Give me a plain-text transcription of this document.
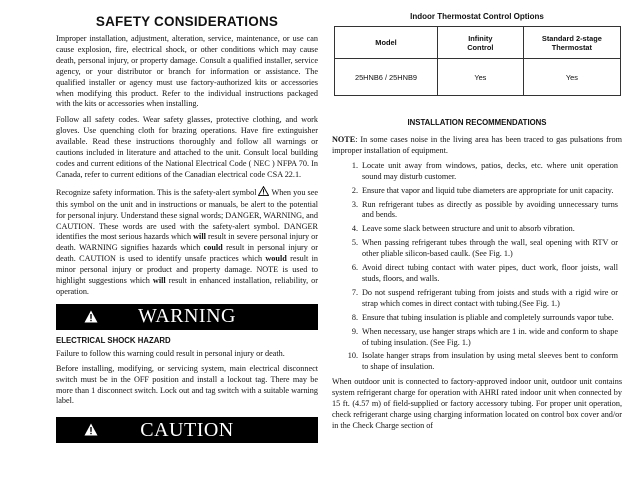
SAFETY CONSIDERATIONS

Improper installation, adjustment, alteration, service, maintenance, or use can cause explosion, fire, electrical shock, or other conditions which may cause death, personal injury, or property damage. Consult a qualified installer, service agency, or your distributor or branch for information or assistance. The qualified installer or agency must use factory-authorized kits or accessories when modifying this product. Refer to the individual instructions packaged with the kits or accessories when installing.

Follow all safety codes. Wear safety glasses, protective clothing, and work gloves. Use quenching cloth for brazing operations. Have fire extinguisher available. Read these instructions thoroughly and follow all warnings or cautions included in literature and attached to the unit. Consult local building codes and current editions of the National Electrical Code ( NEC ) NFPA 70. In Canada, refer to current editions of the Canadian electrical code CSA 22.1.

Recognize safety information. This is the safety-alert symbol When you see this symbol on the unit and in instructions or manuals, be alert to the potential for personal injury. Understand these signal words; DANGER, WARNING, and CAUTION. These words are used with the safety-alert symbol. DANGER identifies the most serious hazards which will result in severe personal injury or death. WARNING signifies hazards which could result in personal injury or death. CAUTION is used to identify unsafe practices which would result in minor personal injury or product and property damage. NOTE is used to highlight suggestions which will result in enhanced installation, reliability, or operation.

WARNING
ELECTRICAL SHOCK HAZARD
Failure to follow this warning could result in personal injury or death.
Before installing, modifying, or servicing system, main electrical disconnect switch must be in the OFF position and install a lockout tag. There may be more than 1 disconnect switch. Lock out and tag switch with a suitable warning label.
CAUTION
Indoor Thermostat Control Options
Model	Infinity Control	Standard 2-stage Thermostat
25HNB6 / 25HNB9	Yes	Yes
INSTALLATION RECOMMENDATIONS
NOTE: In some cases noise in the living area has been traced to gas pulsations from improper installation of equipment.
1. Locate unit away from windows, patios, decks, etc. where unit operation sound may disturb customer.
2. Ensure that vapor and liquid tube diameters are appropriate for unit capacity.
3. Run refrigerant tubes as directly as possible by avoiding unnecessary turns and bends.
4. Leave some slack between structure and unit to absorb vibration.
5. When passing refrigerant tubes through the wall, seal opening with RTV or other pliable silicon-based caulk. (See Fig. 1.)
6. Avoid direct tubing contact with water pipes, duct work, floor joists, wall studs, floors, and walls.
7. Do not suspend refrigerant tubing from joists and studs with a rigid wire or strap which comes in direct contact with tubing.(See Fig. 1.)
8. Ensure that tubing insulation is pliable and completely surrounds vapor tube.
9. When necessary, use hanger straps which are 1 in. wide and conform to shape of tubing insulation. (See Fig. 1.)
10. Isolate hanger straps from insulation by using metal sleeves bent to conform to shape of insulation.
When outdoor unit is connected to factory-approved indoor unit, outdoor unit contains system refrigerant charge for operation with AHRI rated indoor unit when connected by 15 ft. (4.57 m) of field-supplied or factory accessory tubing. For proper unit operation, check refrigerant charge using charging information located on control box cover and/or in the Check Charge section of
